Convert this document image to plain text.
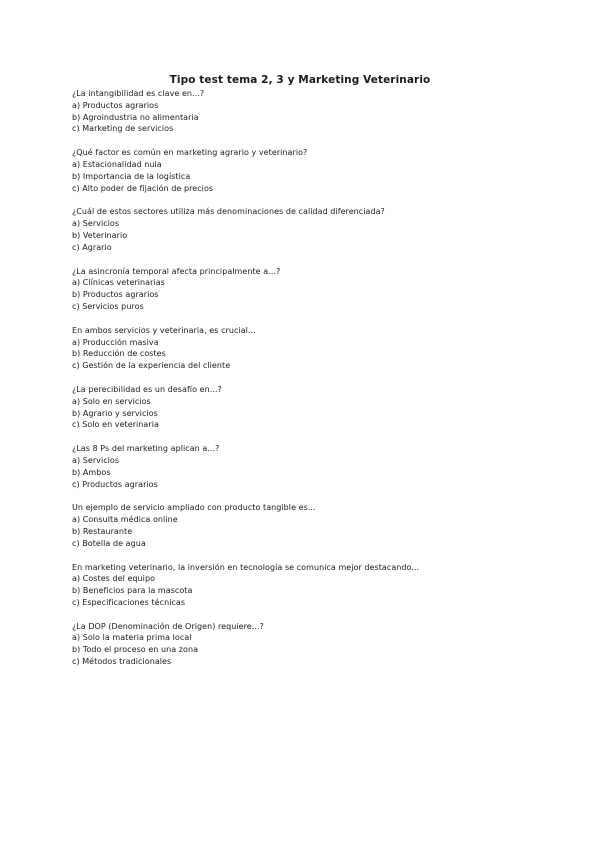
Tipo test tema 2, 3 y Marketing Veterinario
¿La intangibilidad es clave en...?
a) Productos agrarios
b) Agroindustria no alimentaria
c) Marketing de servicios
¿Qué factor es común en marketing agrario y veterinario?
a) Estacionalidad nula
b) Importancia de la logística
c) Alto poder de fijación de precios
¿Cuál de estos sectores utiliza más denominaciones de calidad diferenciada?
a) Servicios
b) Veterinario
c) Agrario
¿La asincronía temporal afecta principalmente a...?
a) Clínicas veterinarias
b) Productos agrarios
c) Servicios puros
En ambos servicios y veterinaria, es crucial...
a) Producción masiva
b) Reducción de costes
c) Gestión de la experiencia del cliente
¿La perecibilidad es un desafío en...?
a) Solo en servicios
b) Agrario y servicios
c) Solo en veterinaria
¿Las 8 Ps del marketing aplican a...?
a) Servicios
b) Ambos
c) Productos agrarios
Un ejemplo de servicio ampliado con producto tangible es...
a) Consulta médica online
b) Restaurante
c) Botella de agua
En marketing veterinario, la inversión en tecnología se comunica mejor destacando...
a) Costes del equipo
b) Beneficios para la mascota
c) Especificaciones técnicas
¿La DOP (Denominación de Origen) requiere...?
a) Solo la materia prima local
b) Todo el proceso en una zona
c) Métodos tradicionales
